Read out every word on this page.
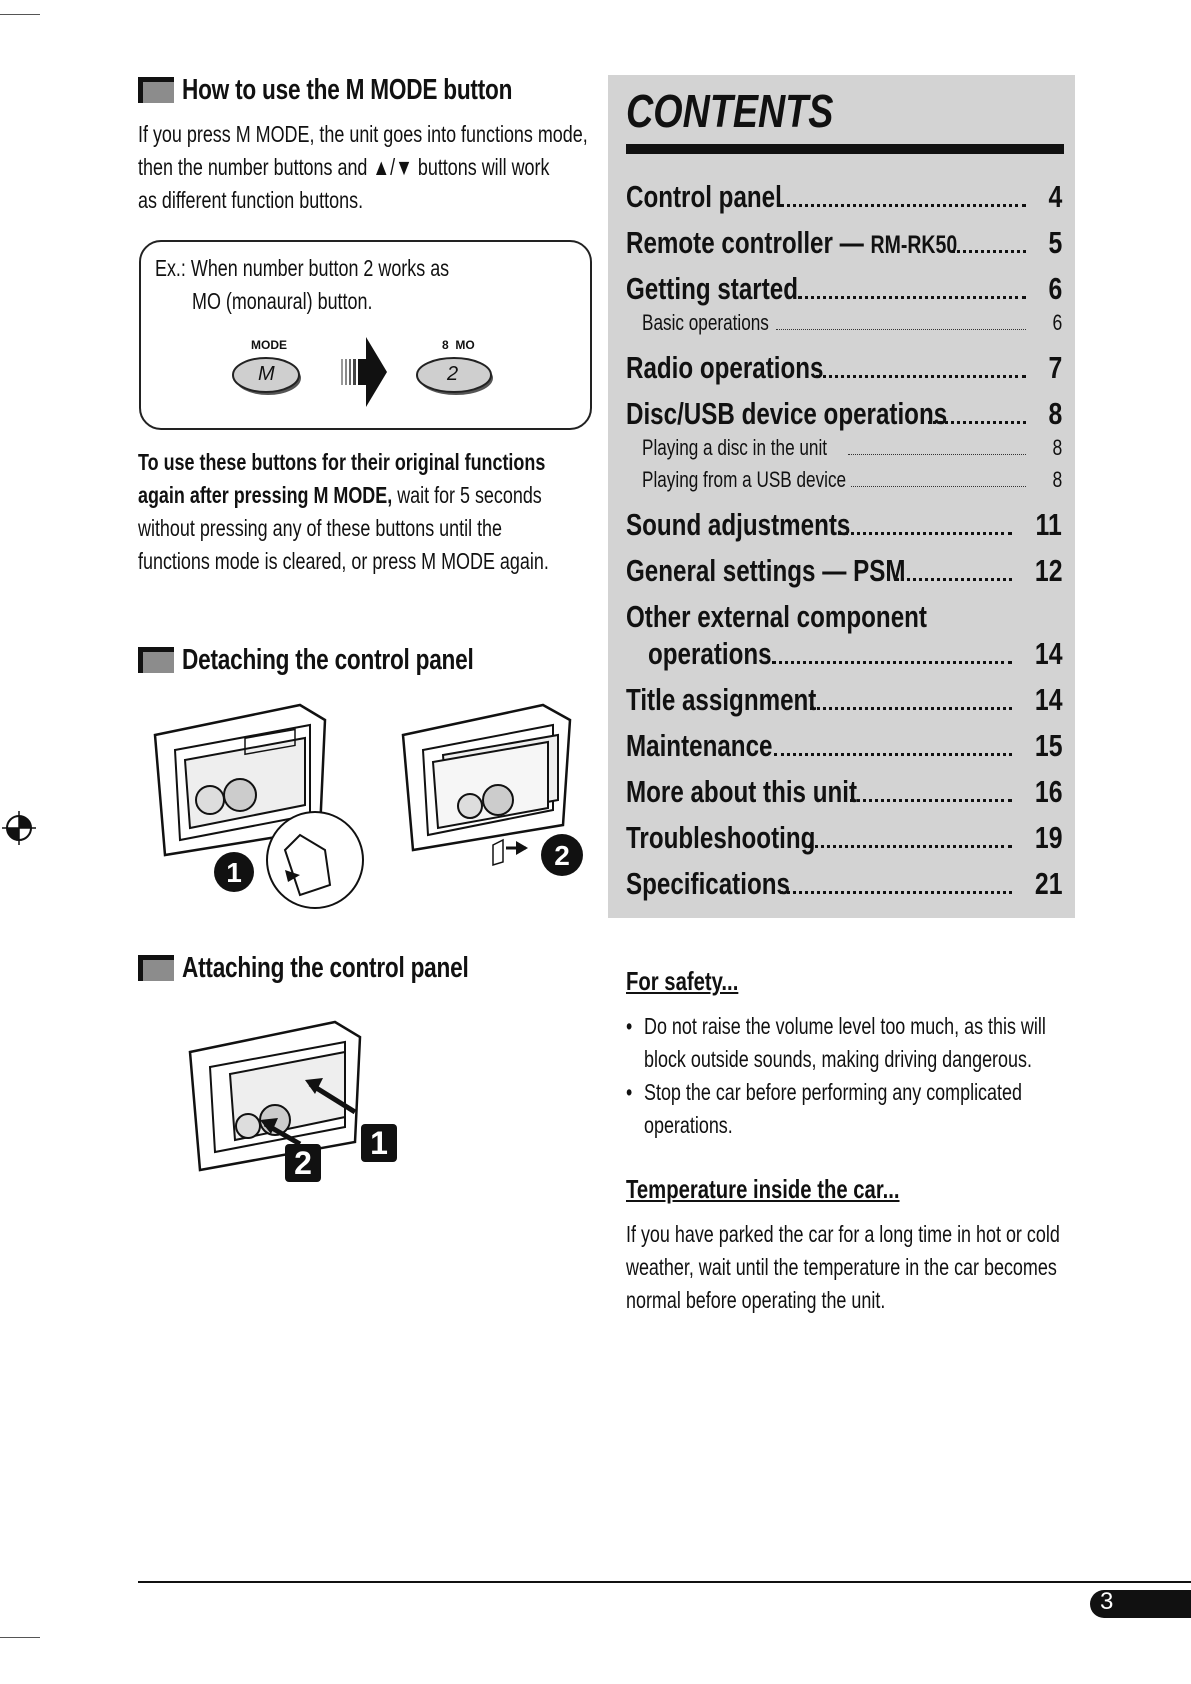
How to use the M MODE button
If you press M MODE, the unit goes into functions mode,
then the number buttons and ▲/▼ buttons will work
as different function buttons.
Ex.: When number button 2 works as
MO (monaural) button.
MODE
M
8  MO
2
To use these buttons for their original functions
again after pressing M MODE, wait for 5 seconds
without pressing any of these buttons until the
functions mode is cleared, or press M MODE again.
Detaching the control panel
1
2
Attaching the control panel
1
2
CONTENTS
Control panel	4
Remote controller — RM-RK50	5
Getting started	6
Basic operations	6
Radio operations	7
Disc/USB device operations	8
Playing a disc in the unit	8
Playing from a USB device	8
Sound adjustments	11
General settings — PSM	12
Other external component
operations	14
Title assignment	14
Maintenance	15
More about this unit	16
Troubleshooting	19
Specifications	21
For safety...
• Do not raise the volume level too much, as this will
block outside sounds, making driving dangerous.
• Stop the car before performing any complicated
operations.
Temperature inside the car...
If you have parked the car for a long time in hot or cold
weather, wait until the temperature in the car becomes
normal before operating the unit.
3
